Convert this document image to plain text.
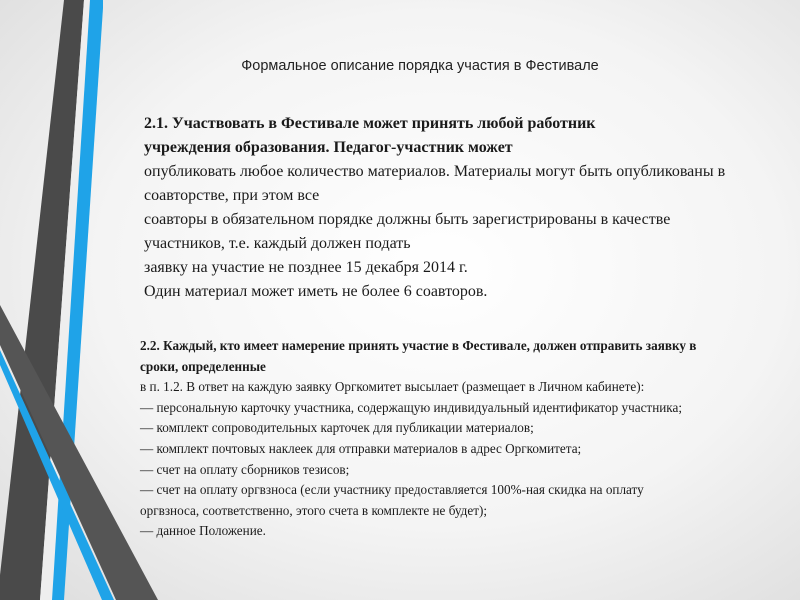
Формальное описание порядка участия в Фестивале
2.1. Участвовать в Фестивале может принять любой работник учреждения образования. Педагог-участник может
опубликовать любое количество материалов. Материалы могут быть опубликованы в
соавторстве, при этом все
соавторы в обязательном порядке должны быть зарегистрированы в качестве
участников, т.е. каждый должен подать
заявку на участие не позднее 15 декабря 2014 г.
Один материал может иметь не более 6 соавторов.
2.2. Каждый, кто имеет намерение принять участие в Фестивале, должен отправить заявку в сроки, определенные
в п. 1.2. В ответ на каждую заявку Оргкомитет высылает (размещает в Личном кабинете):
— персональную карточку участника, содержащую индивидуальный идентификатор участника;
— комплект сопроводительных карточек для публикации материалов;
— комплект почтовых наклеек для отправки материалов в адрес Оргкомитета;
— счет на оплату сборников тезисов;
— счет на оплату оргвзноса (если участнику предоставляется 100%-ная скидка на оплату
оргвзноса, соответственно, этого счета в комплекте не будет);
— данное Положение.
